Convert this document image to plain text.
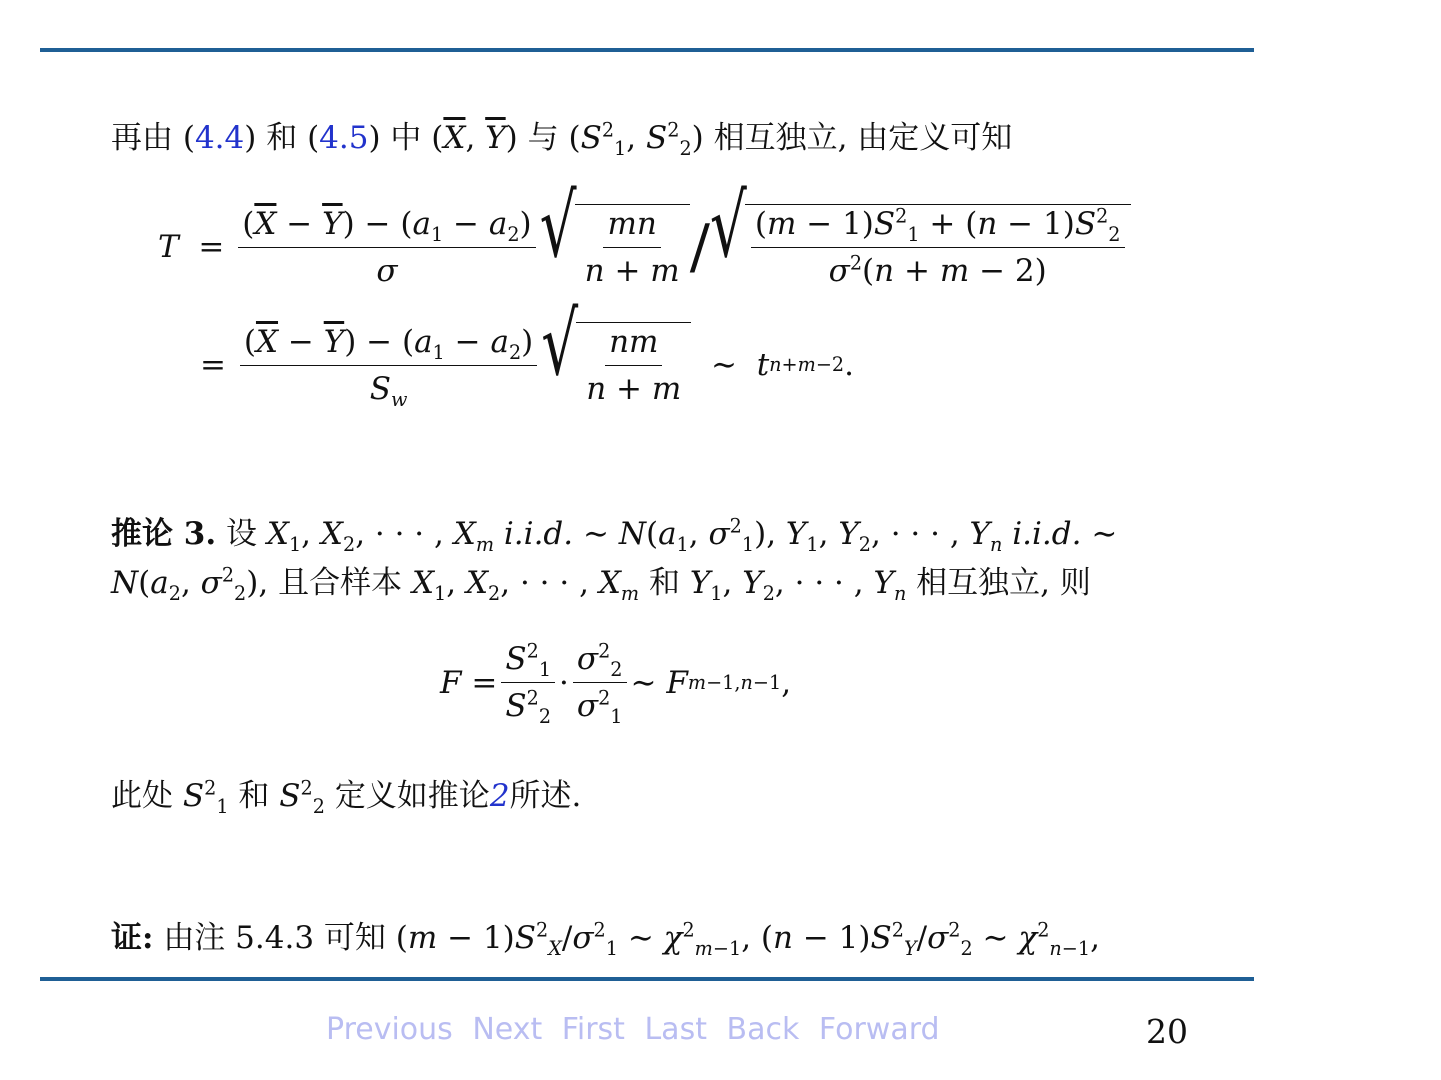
再由 (4.4) 和 (4.5) 中 ($\overline{X}$, $\overline{Y}$) 与 ($S^2_1$, $S^2_2$) 相互独立, 由定义可知
$T = \frac{(\overline{X} - \overline{Y}) - (a_1 - a_2)}{\sigma}$ √ $\frac{mn}{n + m}$ / √ $\frac{(m - 1)S^2_1 + (n - 1)S^2_2}{\sigma^2(n + m - 2)}$
= $\frac{(\overline{X} - \overline{Y}) - (a_1 - a_2)}{S_w}$ √ $\frac{nm}{n + m}$ ∼ t n+m−2 .
推论 3. 设 $X_1$, $X_2$, · · · , $X_m$ i.i.d. ∼ $N(a_1$, $\sigma^2_1$), $Y_1$, $Y_2$, · · · , $Y_n$ i.i.d. ∼
$N(a_2$, $\sigma^2_2$), 且合样本 $X_1$, $X_2$, · · · , $X_m$ 和 $Y_1$, $Y_2$, · · · , $Y_n$ 相互独立, 则
$F = \frac{S^2_1}{S^2_2} \cdot \frac{\sigma^2_2}{\sigma^2_1}$ ∼ F m−1,n−1 ,
此处 $S^2_1$ 和 $S^2_2$ 定义如推论2所述.
证: 由注 5.4.3 可知 $(m - 1)S^2_X/\sigma^2_1$ ∼ $\chi^2_{m-1}$, $(n - 1)S^2_Y/\sigma^2_2$ ∼ $\chi^2_{n-1}$,
Previous Next First Last Back Forward	20
